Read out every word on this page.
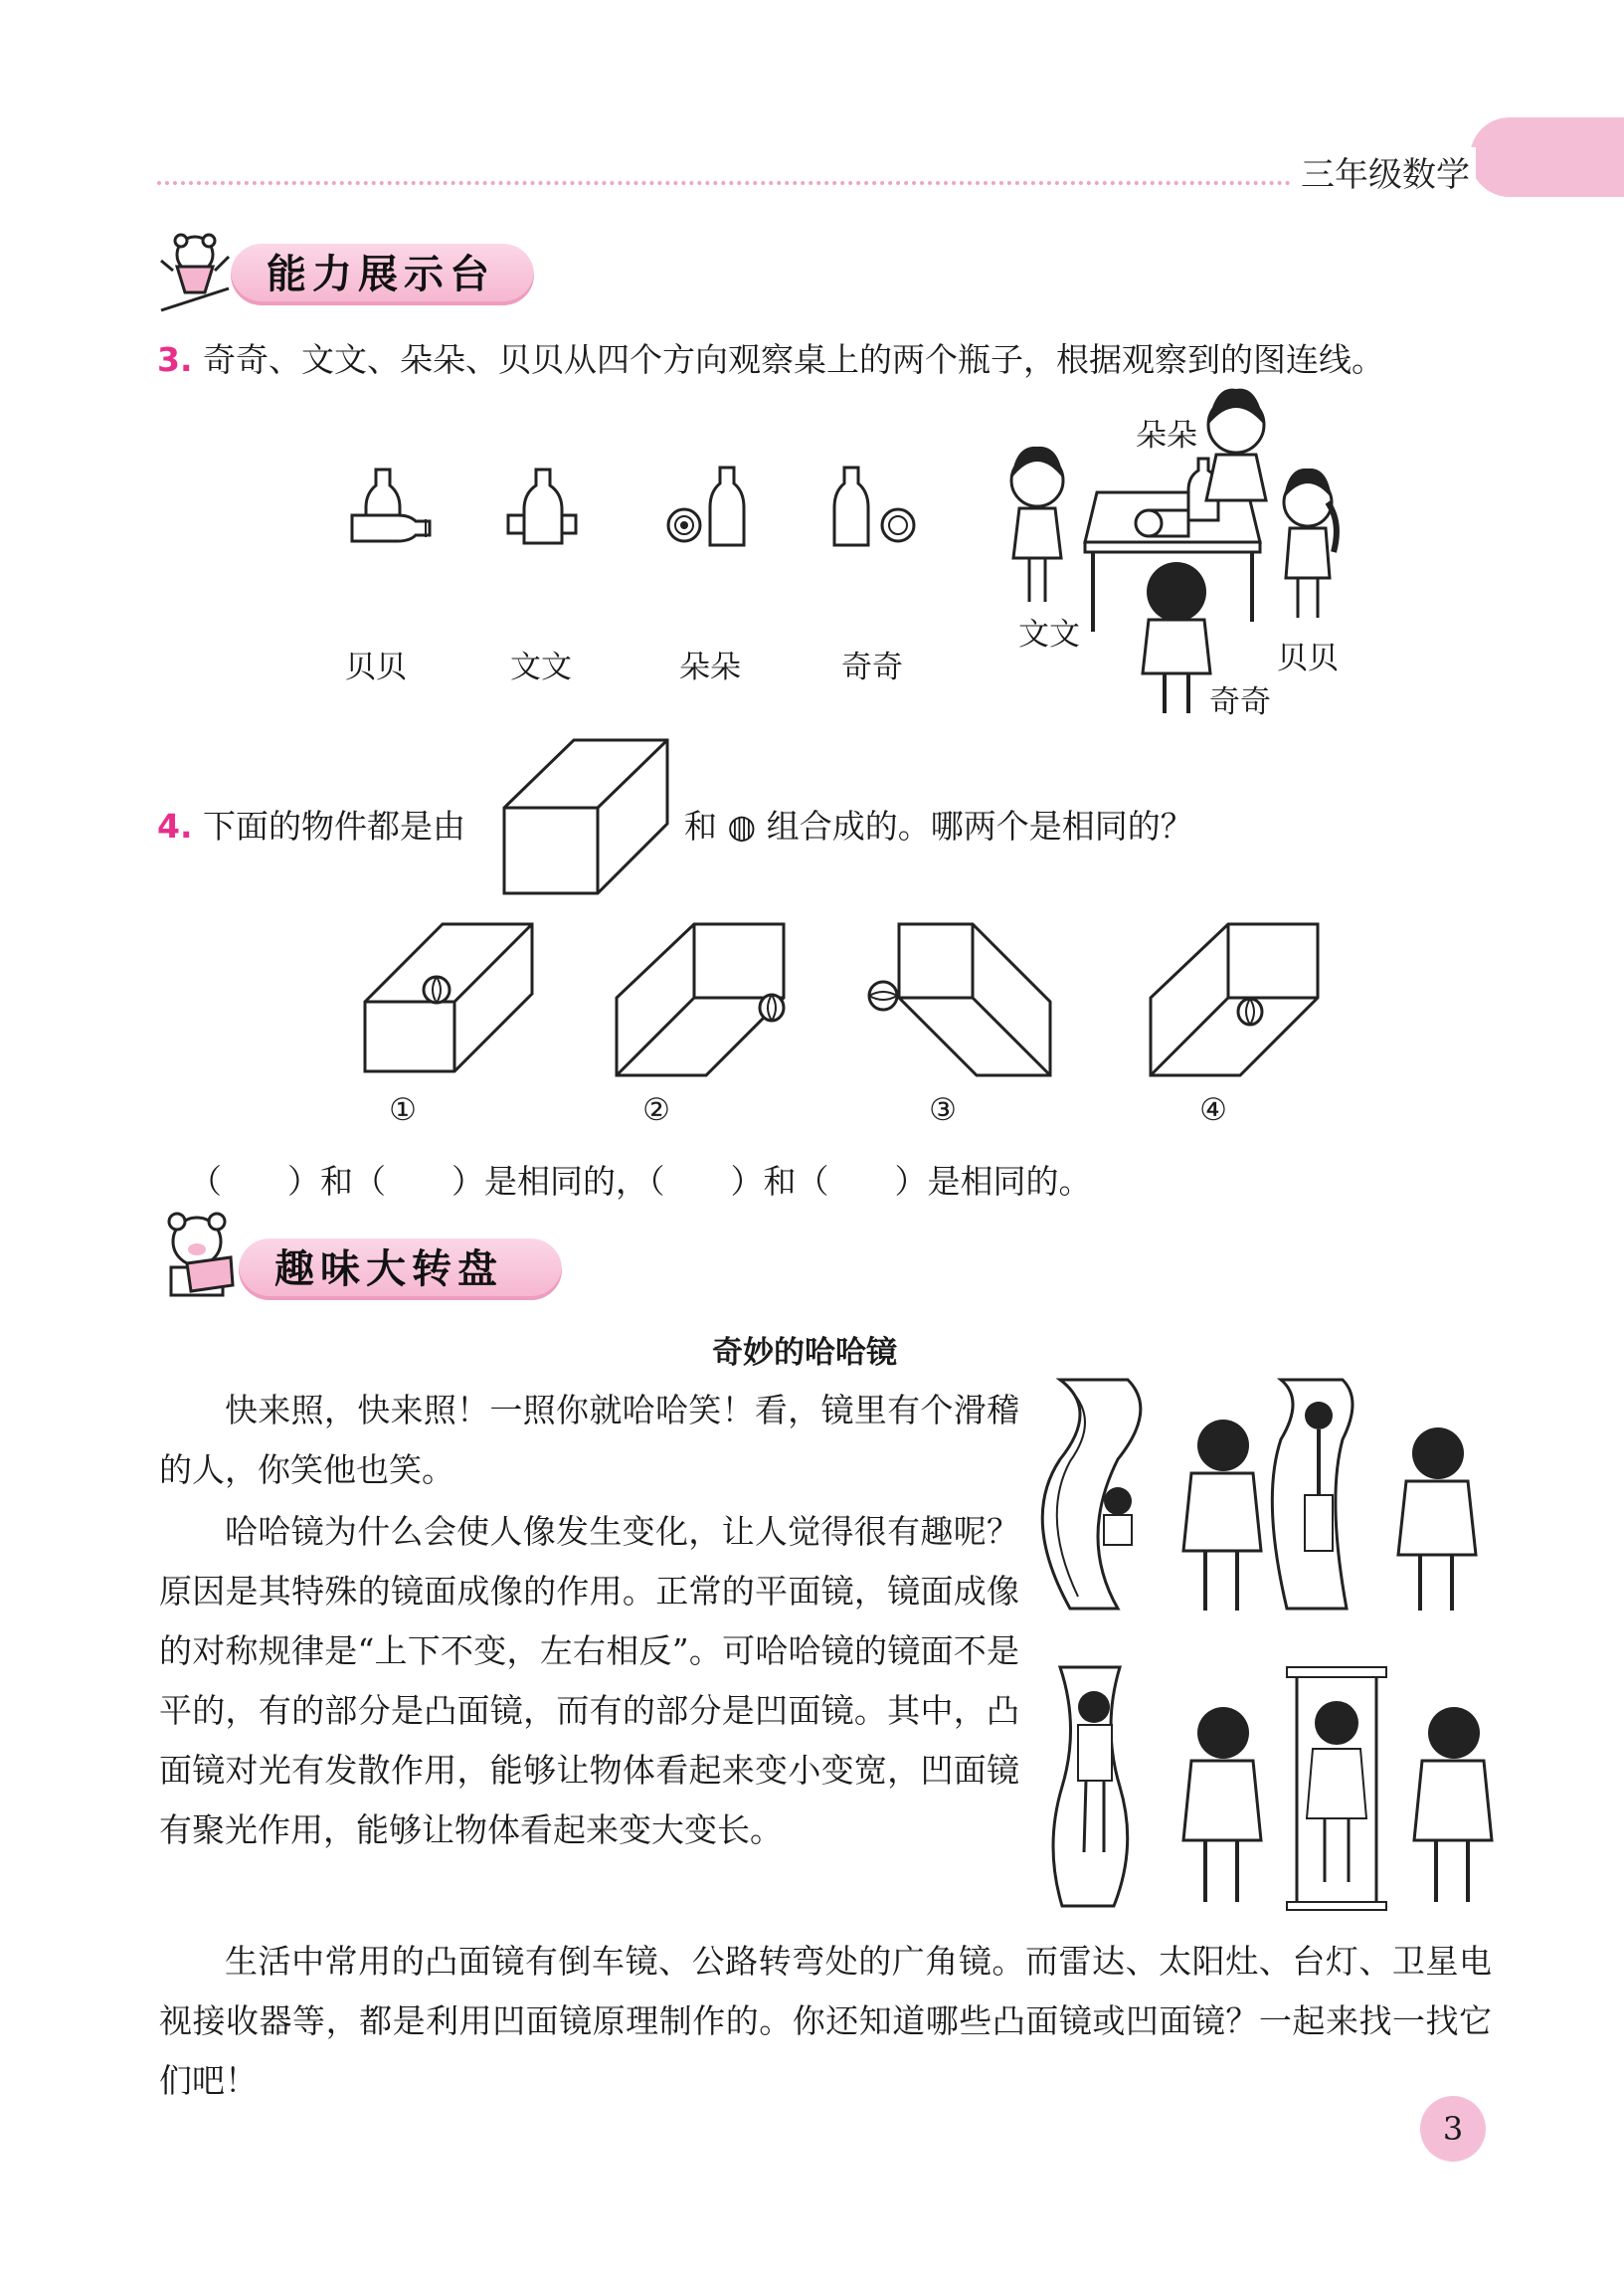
三年级数学
能力展示台
3. 奇奇、文文、朵朵、贝贝从四个方向观察桌上的两个瓶子，根据观察到的图连线。
贝贝	文文	朵朵	奇奇
朵朵
文文
贝贝
奇奇
4. 下面的物件都是由	和 ◍ 组合成的。哪两个是相同的？
①	②	③	④
（　　）和（　　）是相同的，（　　）和（　　）是相同的。
趣味大转盘
奇妙的哈哈镜

快来照，快来照！一照你就哈哈笑！看，镜里有个滑稽的人，你笑他也笑。

哈哈镜为什么会使人像发生变化，让人觉得很有趣呢？原因是其特殊的镜面成像的作用。正常的平面镜，镜面成像的对称规律是“上下不变，左右相反”。可哈哈镜的镜面不是平的，有的部分是凸面镜，而有的部分是凹面镜。其中，凸面镜对光有发散作用，能够让物体看起来变小变宽，凹面镜有聚光作用，能够让物体看起来变大变长。

生活中常用的凸面镜有倒车镜、公路转弯处的广角镜。而雷达、太阳灶、台灯、卫星电视接收器等，都是利用凹面镜原理制作的。你还知道哪些凸面镜或凹面镜？一起来找一找它们吧！

3
